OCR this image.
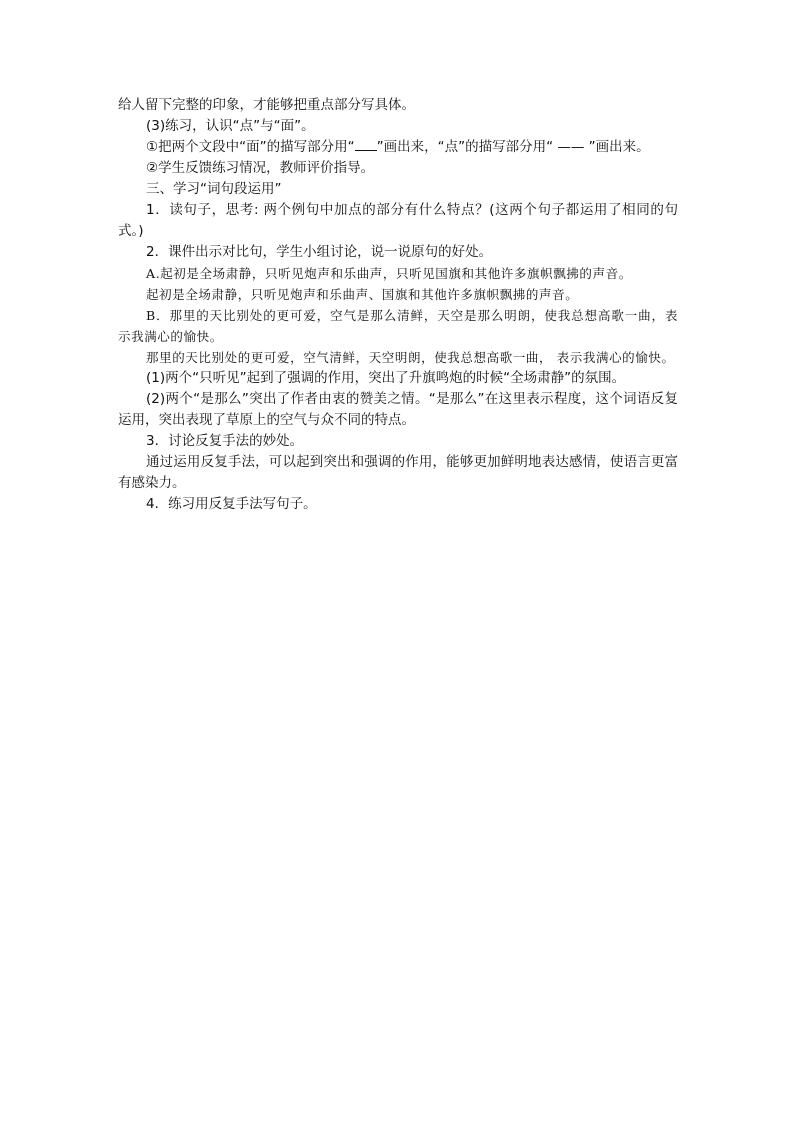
给人留下完整的印象，才能够把重点部分写具体。

(3)练习，认识“点”与“面”。

①把两个文段中“面”的描写部分用“ ”画出来，“点”的描写部分用“ —— ”画出来。

②学生反馈练习情况，教师评价指导。

三、学习“词句段运用”

1．读句子，思考: 两个例句中加点的部分有什么特点？(这两个句子都运用了相同的句式。)

2．课件出示对比句，学生小组讨论，说一说原句的好处。

A.起初是全场肃静，只听见炮声和乐曲声，只听见国旗和其他许多旗帜飘拂的声音。

起初是全场肃静，只听见炮声和乐曲声、国旗和其他许多旗帜飘拂的声音。

B．那里的天比别处的更可爱，空气是那么清鲜，天空是那么明朗，使我总想高歌一曲，表示我满心的愉快。

那里的天比别处的更可爱，空气清鲜，天空明朗，使我总想高歌一曲， 表示我满心的愉快。

(1)两个“只听见”起到了强调的作用，突出了升旗鸣炮的时候“全场肃静”的氛围。

(2)两个“是那么”突出了作者由衷的赞美之情。“是那么”在这里表示程度，这个词语反复运用，突出表现了草原上的空气与众不同的特点。

3．讨论反复手法的妙处。

通过运用反复手法，可以起到突出和强调的作用，能够更加鲜明地表达感情，使语言更富有感染力。

4．练习用反复手法写句子。
